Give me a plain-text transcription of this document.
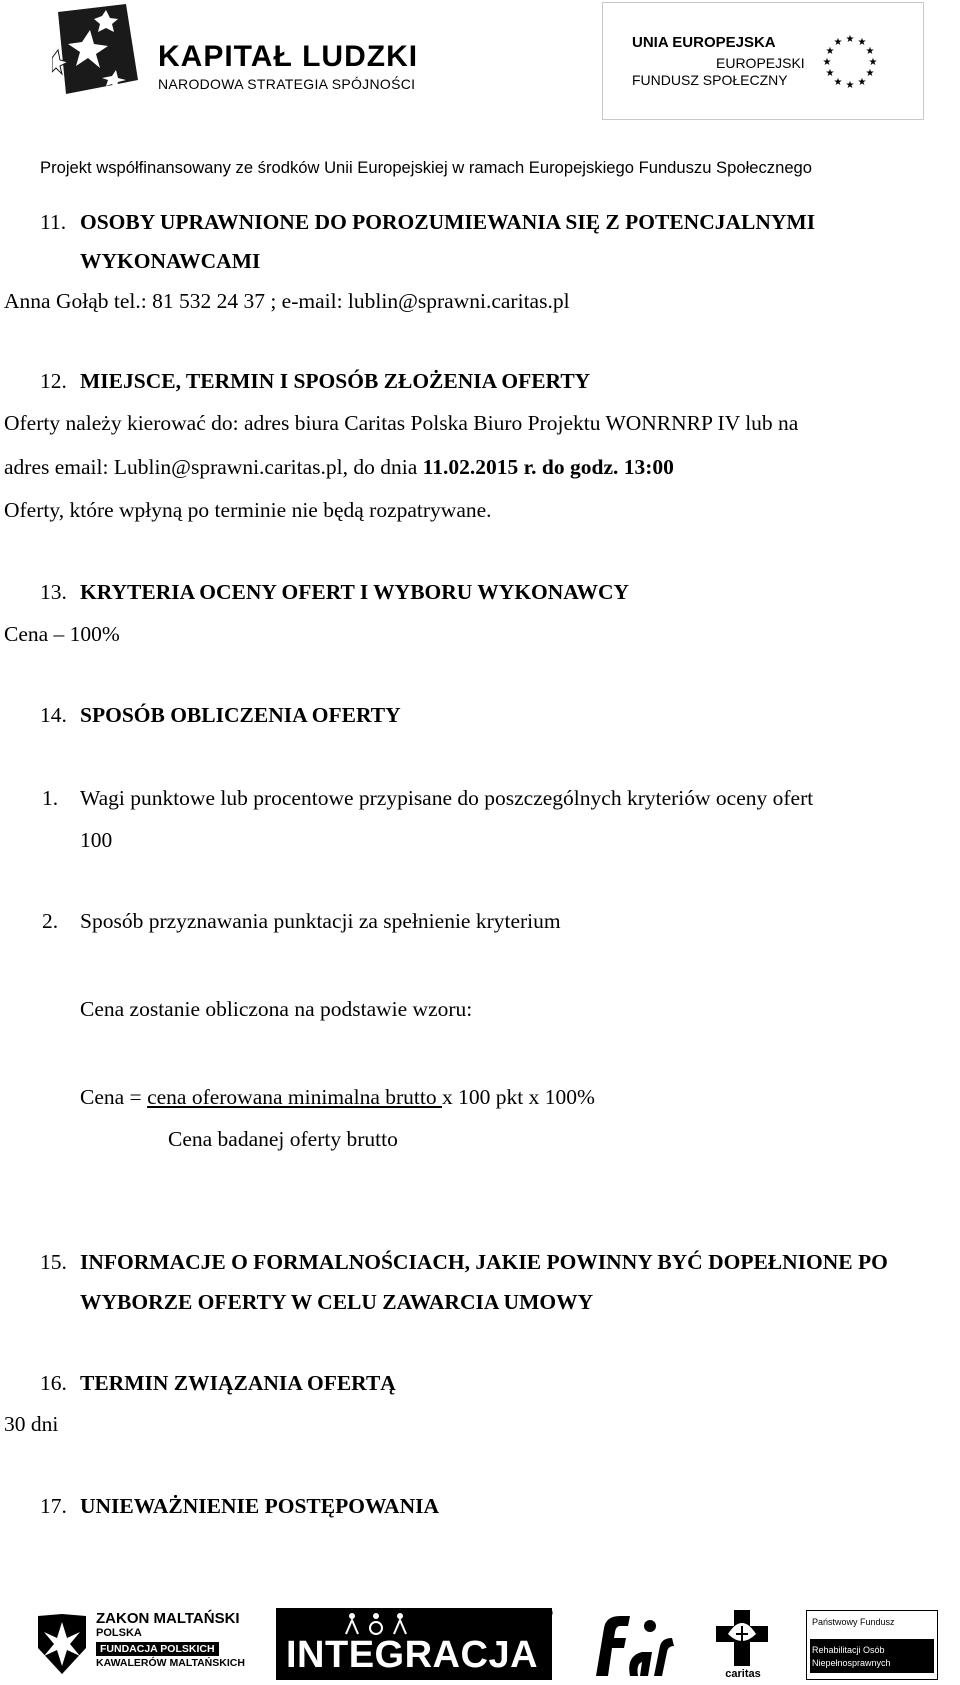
KAPITAŁ LUDZKI
NARODOWA STRATEGIA SPÓJNOŚCI
UNIA EUROPEJSKA
EUROPEJSKI
FUNDUSZ SPOŁECZNY
★ ★
★
★
★
★
★
★
★
★
★
★
Projekt współfinansowany ze środków Unii Europejskiej w ramach Europejskiego Funduszu Społecznego
11. OSOBY UPRAWNIONE DO POROZUMIEWANIA SIĘ Z POTENCJALNYMI
WYKONAWCAMI
Anna Gołąb tel.: 81 532 24 37 ; e-mail: lublin@sprawni.caritas.pl
12. MIEJSCE, TERMIN I SPOSÓB ZŁOŻENIA OFERTY
Oferty należy kierować do: adres biura Caritas Polska Biuro Projektu WONRNRP IV lub na
adres email: Lublin@sprawni.caritas.pl, do dnia 11.02.2015 r. do godz. 13:00
Oferty, które wpłyną po terminie nie będą rozpatrywane.
13. KRYTERIA OCENY OFERT I WYBORU WYKONAWCY
Cena – 100%
14. SPOSÓB OBLICZENIA OFERTY
1. Wagi punktowe lub procentowe przypisane do poszczególnych kryteriów oceny ofert
100
2. Sposób przyznawania punktacji za spełnienie kryterium
Cena zostanie obliczona na podstawie wzoru:
Cena = cena oferowana minimalna brutto x 100 pkt x 100%
Cena badanej oferty brutto
15. INFORMACJE O FORMALNOŚCIACH, JAKIE POWINNY BYĆ DOPEŁNIONE PO
WYBORZE OFERTY W CELU ZAWARCIA UMOWY
16. TERMIN ZWIĄZANIA OFERTĄ
30 dni
17. UNIEWAŻNIENIE POSTĘPOWANIA
ZAKON MALTAŃSKI
POLSKA
FUNDACJA POLSKICH
KAWALERÓW MALTAŃSKICH INTEGRACJA
®
caritas
Państwowy Fundusz
Rehabilitacji Osób
Niepełnosprawnych
